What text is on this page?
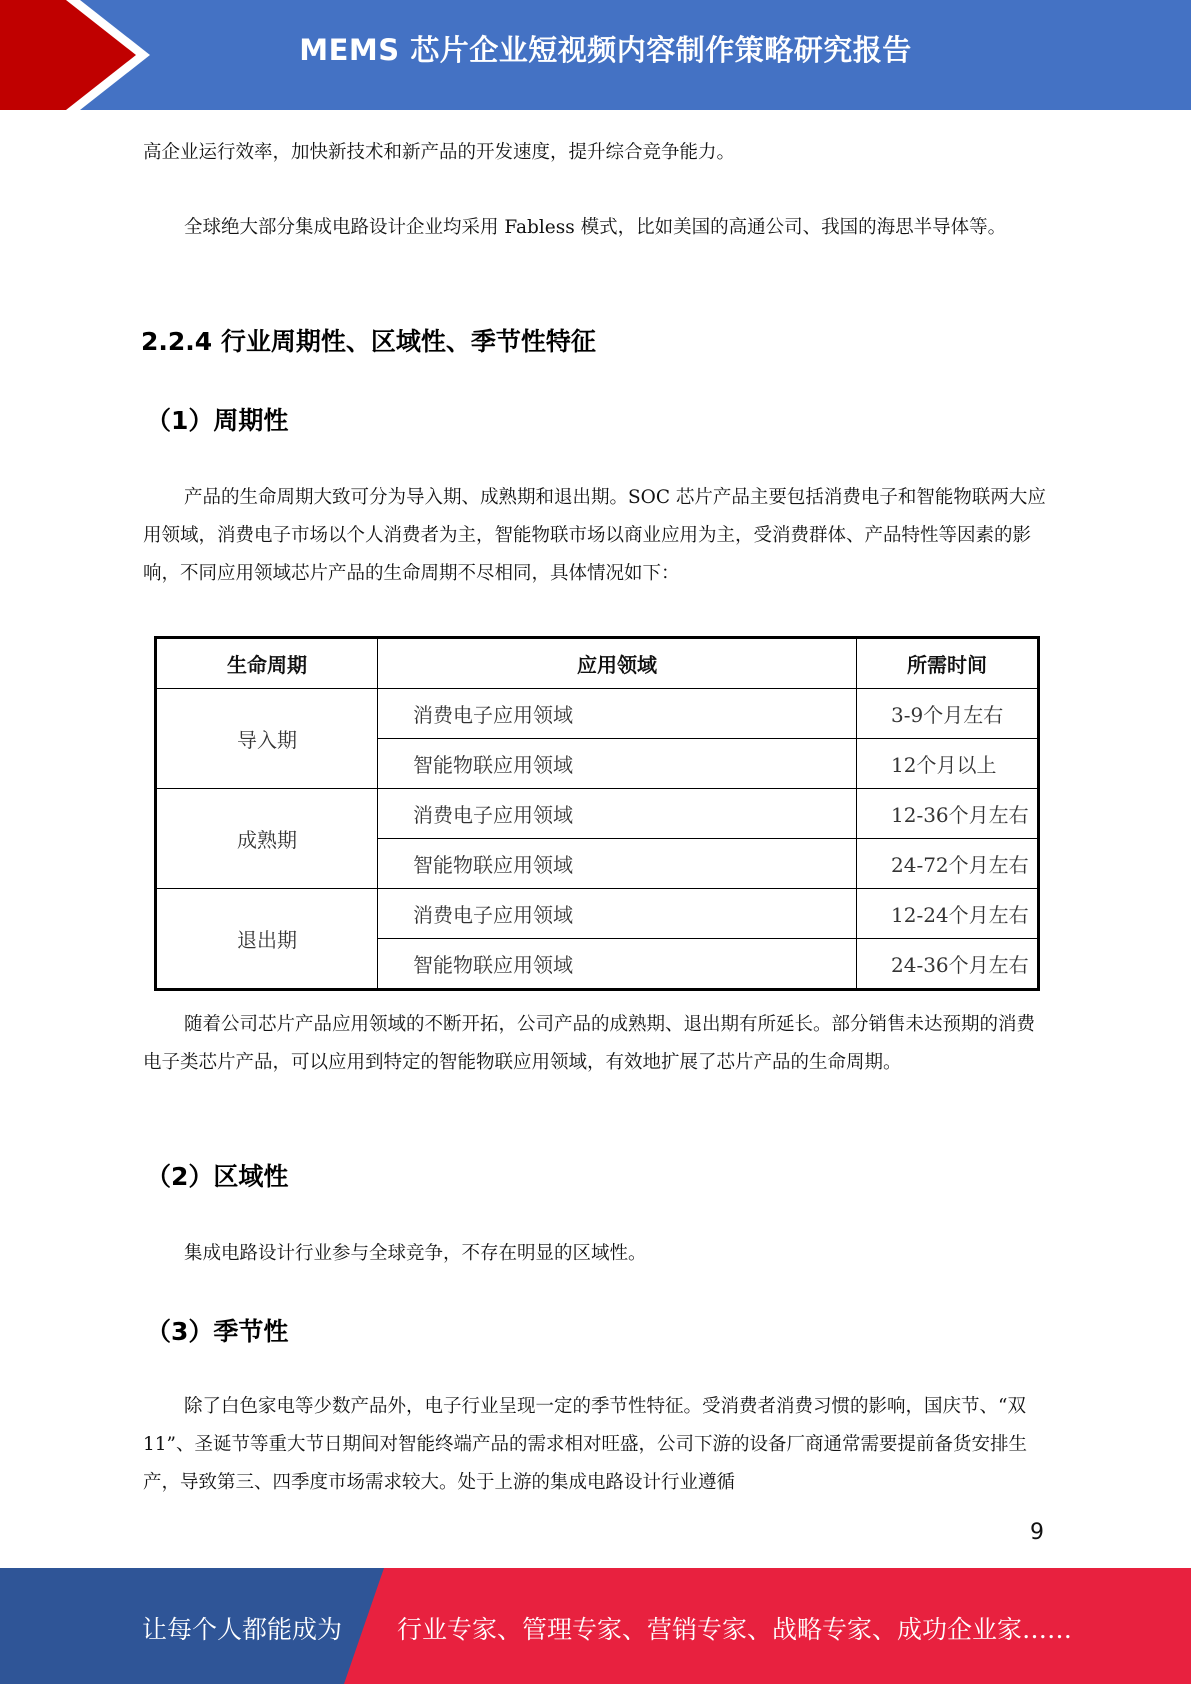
MEMS 芯片企业短视频内容制作策略研究报告
高企业运行效率，加快新技术和新产品的开发速度，提升综合竞争能力。
全球绝大部分集成电路设计企业均采用 Fabless 模式，比如美国的高通公司、我国的海思半导体等。
2.2.4 行业周期性、区域性、季节性特征
（1）周期性
产品的生命周期大致可分为导入期、成熟期和退出期。SOC 芯片产品主要包括消费电子和智能物联两大应用领域，消费电子市场以个人消费者为主，智能物联市场以商业应用为主，受消费群体、产品特性等因素的影响，不同应用领域芯片产品的生命周期不尽相同，具体情况如下：
生命周期	应用领域	所需时间
导入期	消费电子应用领域	3-9个月左右
	智能物联应用领域	12个月以上
成熟期	消费电子应用领域	12-36个月左右
	智能物联应用领域	24-72个月左右
退出期	消费电子应用领域	12-24个月左右
	智能物联应用领域	24-36个月左右
随着公司芯片产品应用领域的不断开拓，公司产品的成熟期、退出期有所延长。部分销售未达预期的消费电子类芯片产品，可以应用到特定的智能物联应用领域，有效地扩展了芯片产品的生命周期。
（2）区域性
集成电路设计行业参与全球竞争，不存在明显的区域性。
（3）季节性
除了白色家电等少数产品外，电子行业呈现一定的季节性特征。受消费者消费习惯的影响，国庆节、“双 11”、圣诞节等重大节日期间对智能终端产品的需求相对旺盛，公司下游的设备厂商通常需要提前备货安排生产，导致第三、四季度市场需求较大。处于上游的集成电路设计行业遵循
9
让每个人都能成为 行业专家、管理专家、营销专家、战略专家、成功企业家……
